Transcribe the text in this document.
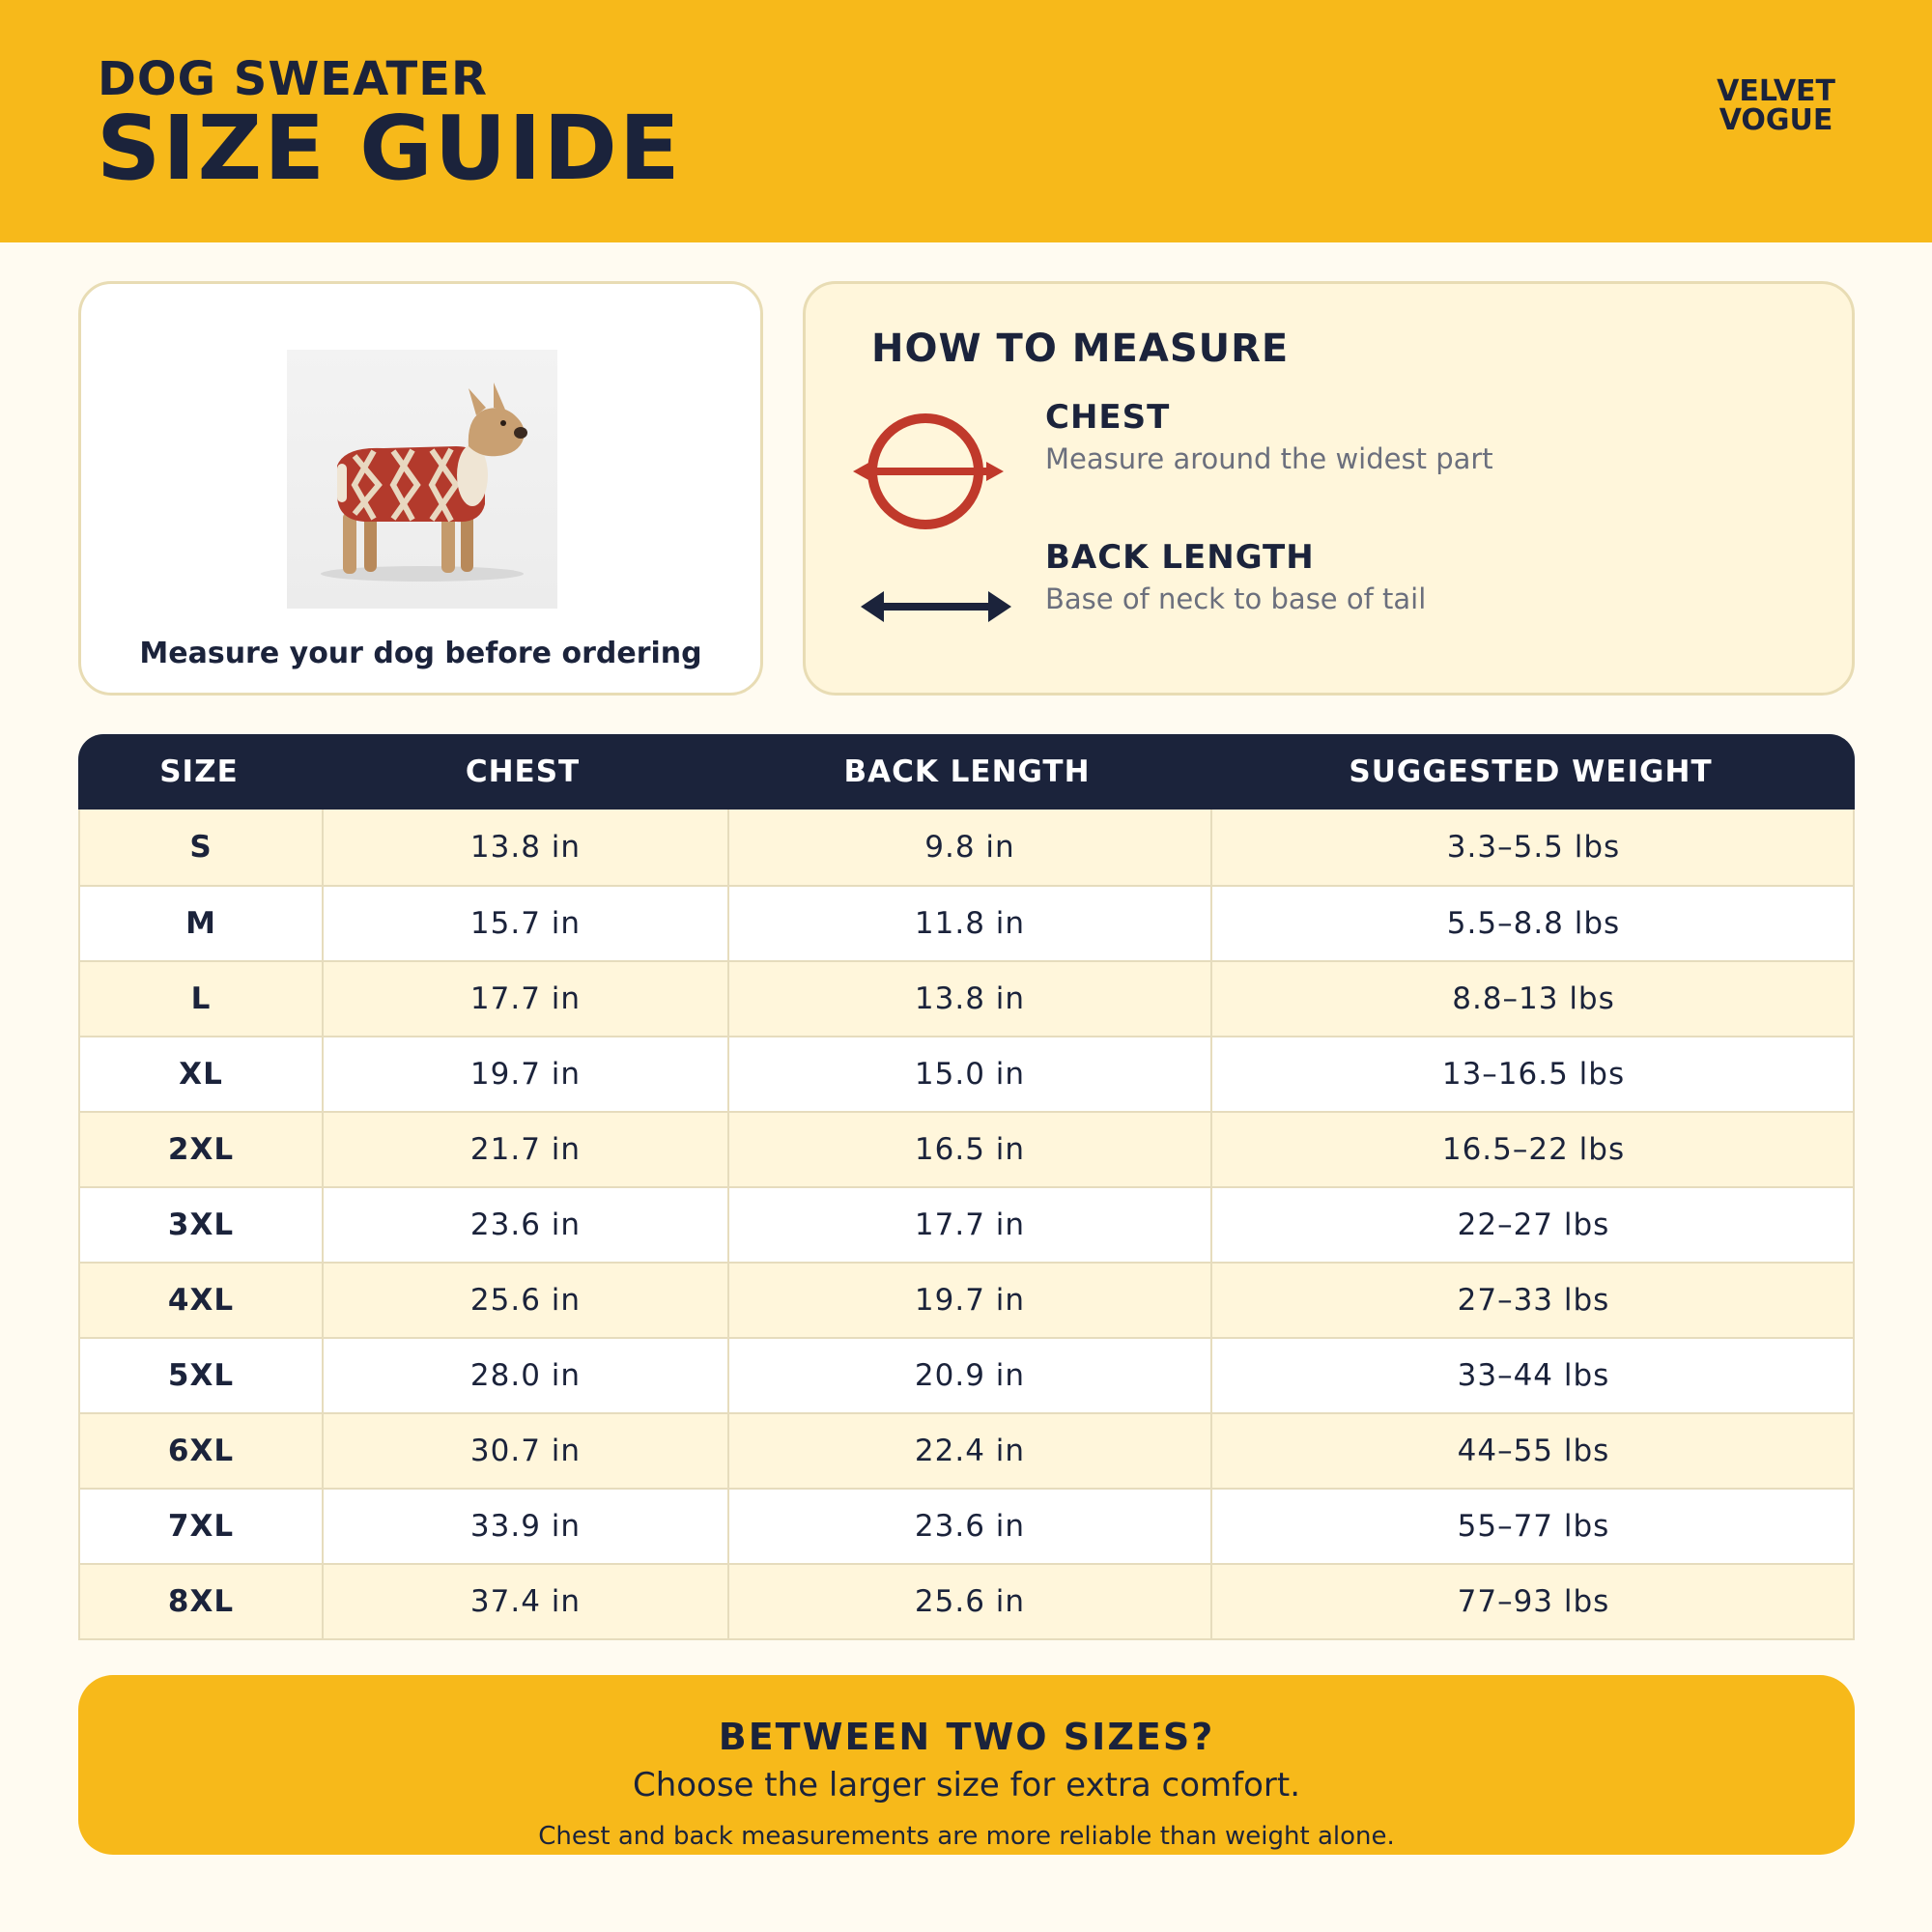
DOG SWEATER
SIZE GUIDE
VELVET
VOGUE
Measure your dog before ordering
HOW TO MEASURE
CHEST
Measure around the widest part
BACK LENGTH
Base of neck to base of tail
SIZE	CHEST	BACK LENGTH	SUGGESTED WEIGHT
S	13.8 in	9.8 in	3.3–5.5 lbs
M	15.7 in	11.8 in	5.5–8.8 lbs
L	17.7 in	13.8 in	8.8–13 lbs
XL	19.7 in	15.0 in	13–16.5 lbs
2XL	21.7 in	16.5 in	16.5–22 lbs
3XL	23.6 in	17.7 in	22–27 lbs
4XL	25.6 in	19.7 in	27–33 lbs
5XL	28.0 in	20.9 in	33–44 lbs
6XL	30.7 in	22.4 in	44–55 lbs
7XL	33.9 in	23.6 in	55–77 lbs
8XL	37.4 in	25.6 in	77–93 lbs
BETWEEN TWO SIZES?
Choose the larger size for extra comfort.
Chest and back measurements are more reliable than weight alone.
